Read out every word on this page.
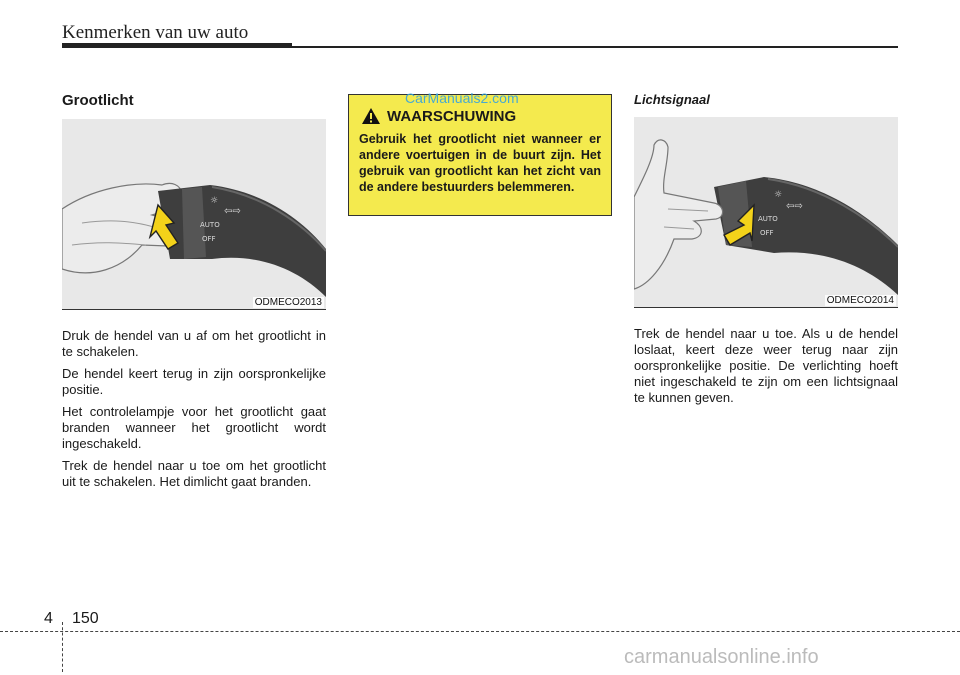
Kenmerken van uw auto
Grootlicht
☼
⇦⇨
AUTO
OFF
ODMECO2013

Druk de hendel van u af om het grootlicht in te schakelen.

De hendel keert terug in zijn oorspronkelijke positie.

Het controlelampje voor het grootlicht gaat branden wanneer het grootlicht wordt ingeschakeld.

Trek de hendel naar u toe om het grootlicht uit te schakelen. Het dimlicht gaat branden.

WAARSCHUWING
Gebruik het grootlicht niet wanneer er andere voertuigen in de buurt zijn. Het gebruik van grootlicht kan het zicht van de andere bestuurders belemmeren.
CarManuals2.com	Lichtsignaal
☼
⇦⇨
AUTO
OFF
ODMECO2014

Trek de hendel naar u toe. Als u de hendel loslaat, keert deze weer terug naar zijn oorspronkelijke positie. De verlichting hoeft niet ingeschakeld te zijn om een lichtsignaal te kunnen geven.

4 150
carmanualsonline.info
